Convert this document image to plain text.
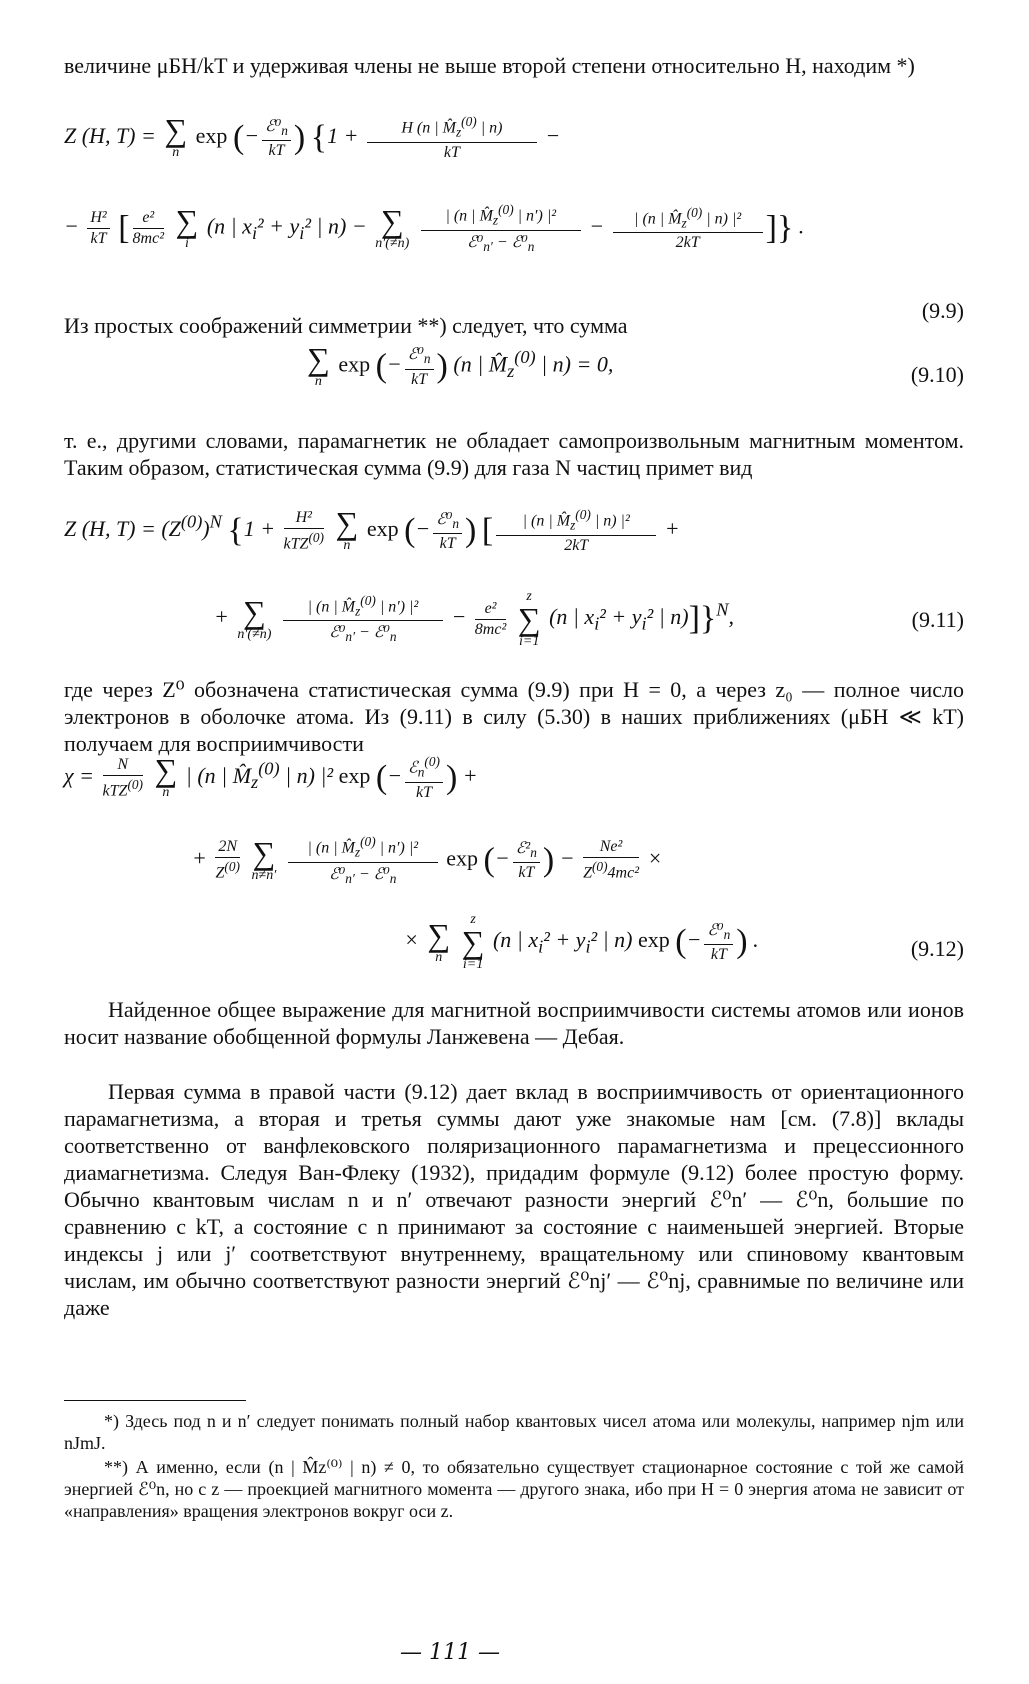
величине μБH/kT и удерживая члены не выше второй степени относительно H, находим *)

Z (H, T) = ∑
n
exp (− $\frac{ℰ^0_n}{kT}$ ) {$1 + \frac{H (n | M̂_z^{(0)} | n)}{kT}$ −
− $\frac{\text{H²}}{kT}$ [ $\frac{\text{e²}}{\text{8mc²}}$
∑
i
(n | $x_i^2 + y_i^2$ | n) − ∑
n′(≠n)
$\frac{| (n | M̂_z^{(0)} | n') |^2}{ℰ^0_{n'} - ℰ^0_n} - \frac{| (n | M̂_z^{(0)} | n) |^2}{2kT}$ ]} .
(9.9)

Из простых соображений симметрии **) следует, что сумма

∑
n
exp (− $\frac{ℰ^0_n}{kT}$ ) (n | $M̂_z^{(0)}$ | n) = 0,	(9.10)

т. е., другими словами, парамагнетик не обладает самопроизвольным магнитным моментом. Таким образом, статистическая сумма (9.9) для газа N частиц примет вид

Z (H, $T) = (Z^{(0)})^N$ {$1 + \frac{\text{H²}}{kTZ^{(0)}}$
∑
n
exp (− $\frac{ℰ^0_n}{kT}$ ) [ $\frac{| (n | M̂_z^{(0)} | n) |^2}{2kT}$ +
+ ∑
n′(≠n)
$\frac{| (n | M̂_z^{(0)} | n') |^2}{ℰ^0_{n'} - ℰ^0_n} - \frac{\text{e²}}{\text{8mc²}}$

z
∑
i=1
(n | $x_i^2 + y_i^2$ | n)]}$^N$,	(9.11)

где через Z⁰ обозначена статистическая сумма (9.9) при H = 0, а через z₀ — полное число электронов в оболочке атома. Из (9.11) в силу (5.30) в наших приближениях (μБH ≪ kT) получаем для восприимчивости

$\chi = \frac{N}{kTZ^{(0)}}$
∑
n
| (n | $M̂_z^{(0)}$ | n) |² exp (− $\frac{ℰ_n^{(0)}}{kT}$ ) +
+ $\frac{2N}{Z^{(0)}}$
∑
n≠n′
$\frac{| (n | M̂_z^{(0)} | n') |^2}{ℰ^0_{n'} - ℰ^0_n}$ exp (− $\frac{ℰ^2_n}{kT}$ ) − $\frac{\text{Ne²}}{Z^{(0)}4mc^2}$ ×
× ∑
n

z
∑
i=1
(n | $x_i^2 + y_i^2$ | n) exp (− $\frac{ℰ^0_n}{kT}$ ) .	(9.12)

Найденное общее выражение для магнитной восприимчивости системы атомов или ионов носит название обобщенной формулы Ланжевена — Дебая.

Первая сумма в правой части (9.12) дает вклад в восприимчивость от ориентационного парамагнетизма, а вторая и третья суммы дают уже знакомые нам [см. (7.8)] вклады соответственно от ванфлековского поляризационного парамагнетизма и прецессионного диамагнетизма. Следуя Ван-Флеку (1932), придадим формуле (9.12) более простую форму. Обычно квантовым числам n и n′ отвечают разности энергий ℰ⁰n′ — ℰ⁰n, большие по сравнению с kT, а состояние с n принимают за состояние с наименьшей энергией. Вторые индексы j или j′ соответствуют внутреннему, вращательному или спиновому квантовым числам, им обычно соответствуют разности энергий ℰ⁰nj′ — ℰ⁰nj, сравнимые по величине или даже

*) Здесь под n и n′ следует понимать полный набор квантовых чисел атома или молекулы, например njm или nJmJ.

**) А именно, если (n | M̂z⁽⁰⁾ | n) ≠ 0, то обязательно существует стационарное состояние с той же самой энергией ℰ⁰n, но с z — проекцией магнитного момента — другого знака, ибо при H = 0 энергия атома не зависит от «направления» вращения электронов вокруг оси z.

— 111 —
